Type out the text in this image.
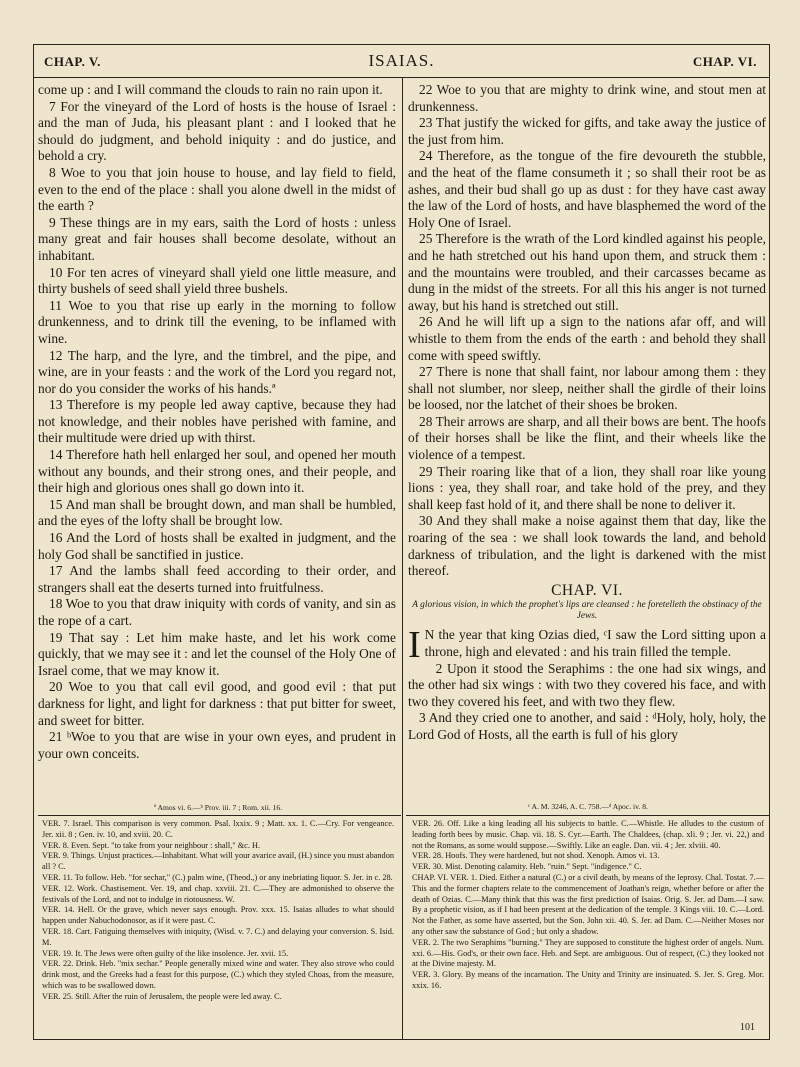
CHAP. V.	ISAIAS.	CHAP. VI.

come up : and I will command the clouds to rain no rain upon it.

7 For the vineyard of the Lord of hosts is the house of Israel : and the man of Juda, his pleasant plant : and I looked that he should do judgment, and behold iniquity : and do justice, and behold a cry.

8 Woe to you that join house to house, and lay field to field, even to the end of the place : shall you alone dwell in the midst of the earth ?

9 These things are in my ears, saith the Lord of hosts : unless many great and fair houses shall become desolate, without an inhabitant.

10 For ten acres of vineyard shall yield one little measure, and thirty bushels of seed shall yield three bushels.

11 Woe to you that rise up early in the morning to follow drunkenness, and to drink till the evening, to be inflamed with wine.

12 The harp, and the lyre, and the timbrel, and the pipe, and wine, are in your feasts : and the work of the Lord you regard not, nor do you consider the works of his hands.ª

13 Therefore is my people led away captive, because they had not knowledge, and their nobles have perished with famine, and their multitude were dried up with thirst.

14 Therefore hath hell enlarged her soul, and opened her mouth without any bounds, and their strong ones, and their people, and their high and glorious ones shall go down into it.

15 And man shall be brought down, and man shall be humbled, and the eyes of the lofty shall be brought low.

16 And the Lord of hosts shall be exalted in judgment, and the holy God shall be sanctified in justice.

17 And the lambs shall feed according to their order, and strangers shall eat the deserts turned into fruitfulness.

18 Woe to you that draw iniquity with cords of vanity, and sin as the rope of a cart.

19 That say : Let him make haste, and let his work come quickly, that we may see it : and let the counsel of the Holy One of Israel come, that we may know it.

20 Woe to you that call evil good, and good evil : that put darkness for light, and light for darkness : that put bitter for sweet, and sweet for bitter.

21 ᵇWoe to you that are wise in your own eyes, and prudent in your own conceits.

22 Woe to you that are mighty to drink wine, and stout men at drunkenness.

23 That justify the wicked for gifts, and take away the justice of the just from him.

24 Therefore, as the tongue of the fire devoureth the stubble, and the heat of the flame consumeth it ; so shall their root be as ashes, and their bud shall go up as dust : for they have cast away the law of the Lord of hosts, and have blasphemed the word of the Holy One of Israel.

25 Therefore is the wrath of the Lord kindled against his people, and he hath stretched out his hand upon them, and struck them : and the mountains were troubled, and their carcasses became as dung in the midst of the streets. For all this his anger is not turned away, but his hand is stretched out still.

26 And he will lift up a sign to the nations afar off, and will whistle to them from the ends of the earth : and behold they shall come with speed swiftly.

27 There is none that shall faint, nor labour among them : they shall not slumber, nor sleep, neither shall the girdle of their loins be loosed, nor the latchet of their shoes be broken.

28 Their arrows are sharp, and all their bows are bent. The hoofs of their horses shall be like the flint, and their wheels like the violence of a tempest.

29 Their roaring like that of a lion, they shall roar like young lions : yea, they shall roar, and take hold of the prey, and they shall keep fast hold of it, and there shall be none to deliver it.

30 And they shall make a noise against them that day, like the roaring of the sea : we shall look towards the land, and behold darkness of tribulation, and the light is darkened with the mist thereof.

CHAP. VI.
A glorious vision, in which the prophet's lips are cleansed : he foretelleth the obstinacy of the Jews.

I N the year that king Ozias died, ᶜI saw the Lord sitting upon a throne, high and elevated : and his train filled the temple.

2 Upon it stood the Seraphims : the one had six wings, and the other had six wings : with two they covered his face, and with two they covered his feet, and with two they flew.

3 And they cried one to another, and said : ᵈHoly, holy, holy, the Lord God of Hosts, all the earth is full of his glory

ª Amos vi. 6.—ᵇ Prov. iii. 7 ; Rom. xii. 16.	ᶜ A. M. 3246, A. C. 758.—ᵈ Apoc. iv. 8.

VER. 7. Israel. This comparison is very common. Psal. lxxix. 9 ; Matt. xx. 1. C.—Cry. For vengeance. Jer. xii. 8 ; Gen. iv. 10, and xviii. 20. C.

VER. 8. Even. Sept. "to take from your neighbour : shall," &c. H.

VER. 9. Things. Unjust practices.—Inhabitant. What will your avarice avail, (H.) since you must abandon all ? C.

VER. 11. To follow. Heb. "for sechar," (C.) palm wine, (Theod.,) or any inebriating liquor. S. Jer. in c. 28.

VER. 12. Work. Chastisement. Ver. 19, and chap. xxviii. 21. C.—They are admonished to observe the festivals of the Lord, and not to indulge in riotousness. W.

VER. 14. Hell. Or the grave, which never says enough. Prov. xxx. 15. Isaias alludes to what should happen under Nabuchodonosor, as if it were past. C.

VER. 18. Cart. Fatiguing themselves with iniquity, (Wisd. v. 7. C.) and delaying your conversion. S. Isid. M.

VER. 19. It. The Jews were often guilty of the like insolence. Jer. xvii. 15.

VER. 22. Drink. Heb. "mix sechar." People generally mixed wine and water. They also strove who could drink most, and the Greeks had a feast for this purpose, (C.) which they styled Choas, from the measure, which was to be swallowed down.

VER. 25. Still. After the ruin of Jerusalem, the people were led away. C.

VER. 26. Off. Like a king leading all his subjects to battle. C.—Whistle. He alludes to the custom of leading forth bees by music. Chap. vii. 18. S. Cyr.—Earth. The Chaldees, (chap. xli. 9 ; Jer. vi. 22,) and not the Romans, as some would suppose.—Swiftly. Like an eagle. Dan. vii. 4 ; Jer. xlviii. 40.

VER. 28. Hoofs. They were hardened, but not shod. Xenoph. Amos vi. 13.

VER. 30. Mist. Denoting calamity. Heb. "ruin." Sept. "indigence." C.

CHAP. VI. VER. 1. Died. Either a natural (C.) or a civil death, by means of the leprosy. Chal. Tostat. 7.—This and the former chapters relate to the commencement of Joathan's reign, whether before or after the death of Ozias. C.—Many think that this was the first prediction of Isaias. Orig. S. Jer. ad Dam.—I saw. By a prophetic vision, as if I had been present at the dedication of the temple. 3 Kings viii. 10. C.—Lord. Not the Father, as some have asserted, but the Son. John xii. 40. S. Jer. ad Dam. C.—Neither Moses nor any other saw the substance of God ; but only a shadow.

VER. 2. The two Seraphims "burning." They are supposed to constitute the highest order of angels. Num. xxi. 6.—His. God's, or their own face. Heb. and Sept. are ambiguous. Out of respect, (C.) they looked not at the Divine majesty. M.

VER. 3. Glory. By means of the incarnation. The Unity and Trinity are insinuated. S. Jer. S. Greg. Mor. xxix. 16.

101
